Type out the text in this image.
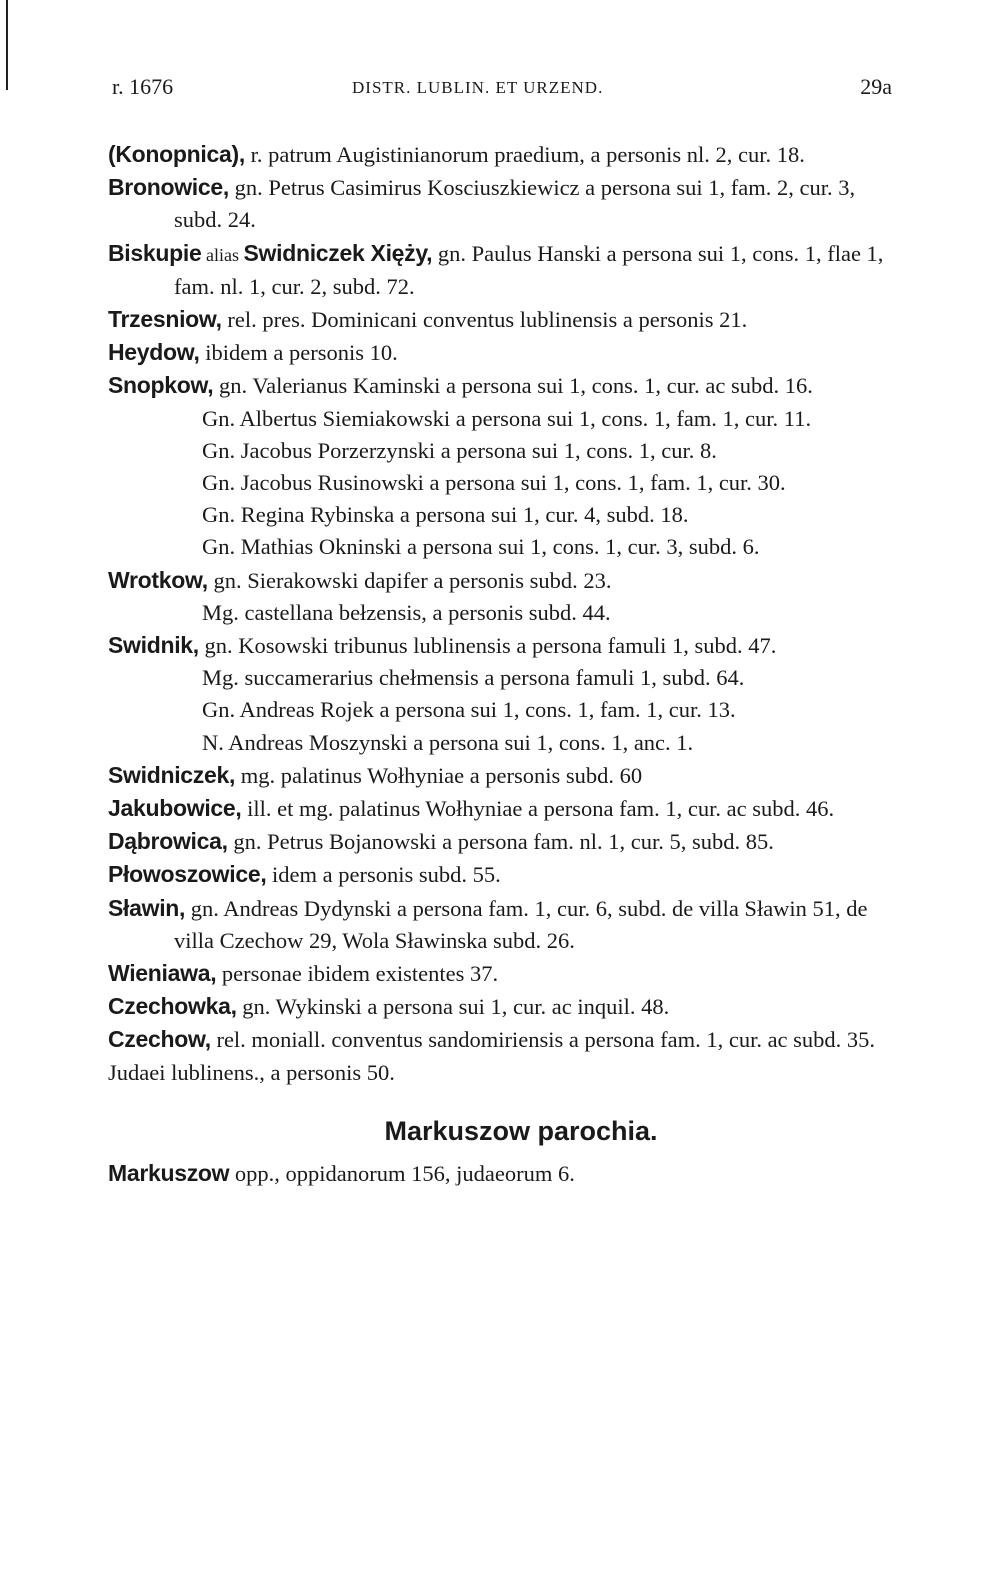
r. 1676	DISTR. LUBLIN. ET URZEND.	29a

(Konopnica), r. patrum Augistinianorum praedium, a personis nl. 2, cur. 18.

Bronowice, gn. Petrus Casimirus Kosciuszkiewicz a persona sui 1, fam. 2, cur. 3, subd. 24.

Biskupie alias Swidniczek Xięży, gn. Paulus Hanski a persona sui 1, cons. 1, flae 1, fam. nl. 1, cur. 2, subd. 72.

Trzesniow, rel. pres. Dominicani conventus lublinensis a personis 21.

Heydow, ibidem a personis 10.

Snopkow, gn. Valerianus Kaminski a persona sui 1, cons. 1, cur. ac subd. 16.

Gn. Albertus Siemiakowski a persona sui 1, cons. 1, fam. 1, cur. 11.

Gn. Jacobus Porzerzynski a persona sui 1, cons. 1, cur. 8.

Gn. Jacobus Rusinowski a persona sui 1, cons. 1, fam. 1, cur. 30.

Gn. Regina Rybinska a persona sui 1, cur. 4, subd. 18.

Gn. Mathias Okninski a persona sui 1, cons. 1, cur. 3, subd. 6.

Wrotkow, gn. Sierakowski dapifer a personis subd. 23.

Mg. castellana bełzensis, a personis subd. 44.

Swidnik, gn. Kosowski tribunus lublinensis a persona famuli 1, subd. 47.

Mg. succamerarius chełmensis a persona famuli 1, subd. 64.

Gn. Andreas Rojek a persona sui 1, cons. 1, fam. 1, cur. 13.

N. Andreas Moszynski a persona sui 1, cons. 1, anc. 1.

Swidniczek, mg. palatinus Wołhyniae a personis subd. 60

Jakubowice, ill. et mg. palatinus Wołhyniae a persona fam. 1, cur. ac subd. 46.

Dąbrowica, gn. Petrus Bojanowski a persona fam. nl. 1, cur. 5, subd. 85.

Płowoszowice, idem a personis subd. 55.

Sławin, gn. Andreas Dydynski a persona fam. 1, cur. 6, subd. de villa Sławin 51, de villa Czechow 29, Wola Sławinska subd. 26.

Wieniawa, personae ibidem existentes 37.

Czechowka, gn. Wykinski a persona sui 1, cur. ac inquil. 48.

Czechow, rel. moniall. conventus sandomiriensis a persona fam. 1, cur. ac subd. 35.

Judaei lublinens., a personis 50.

Markuszow parochia.

Markuszow opp., oppidanorum 156, judaeorum 6.
